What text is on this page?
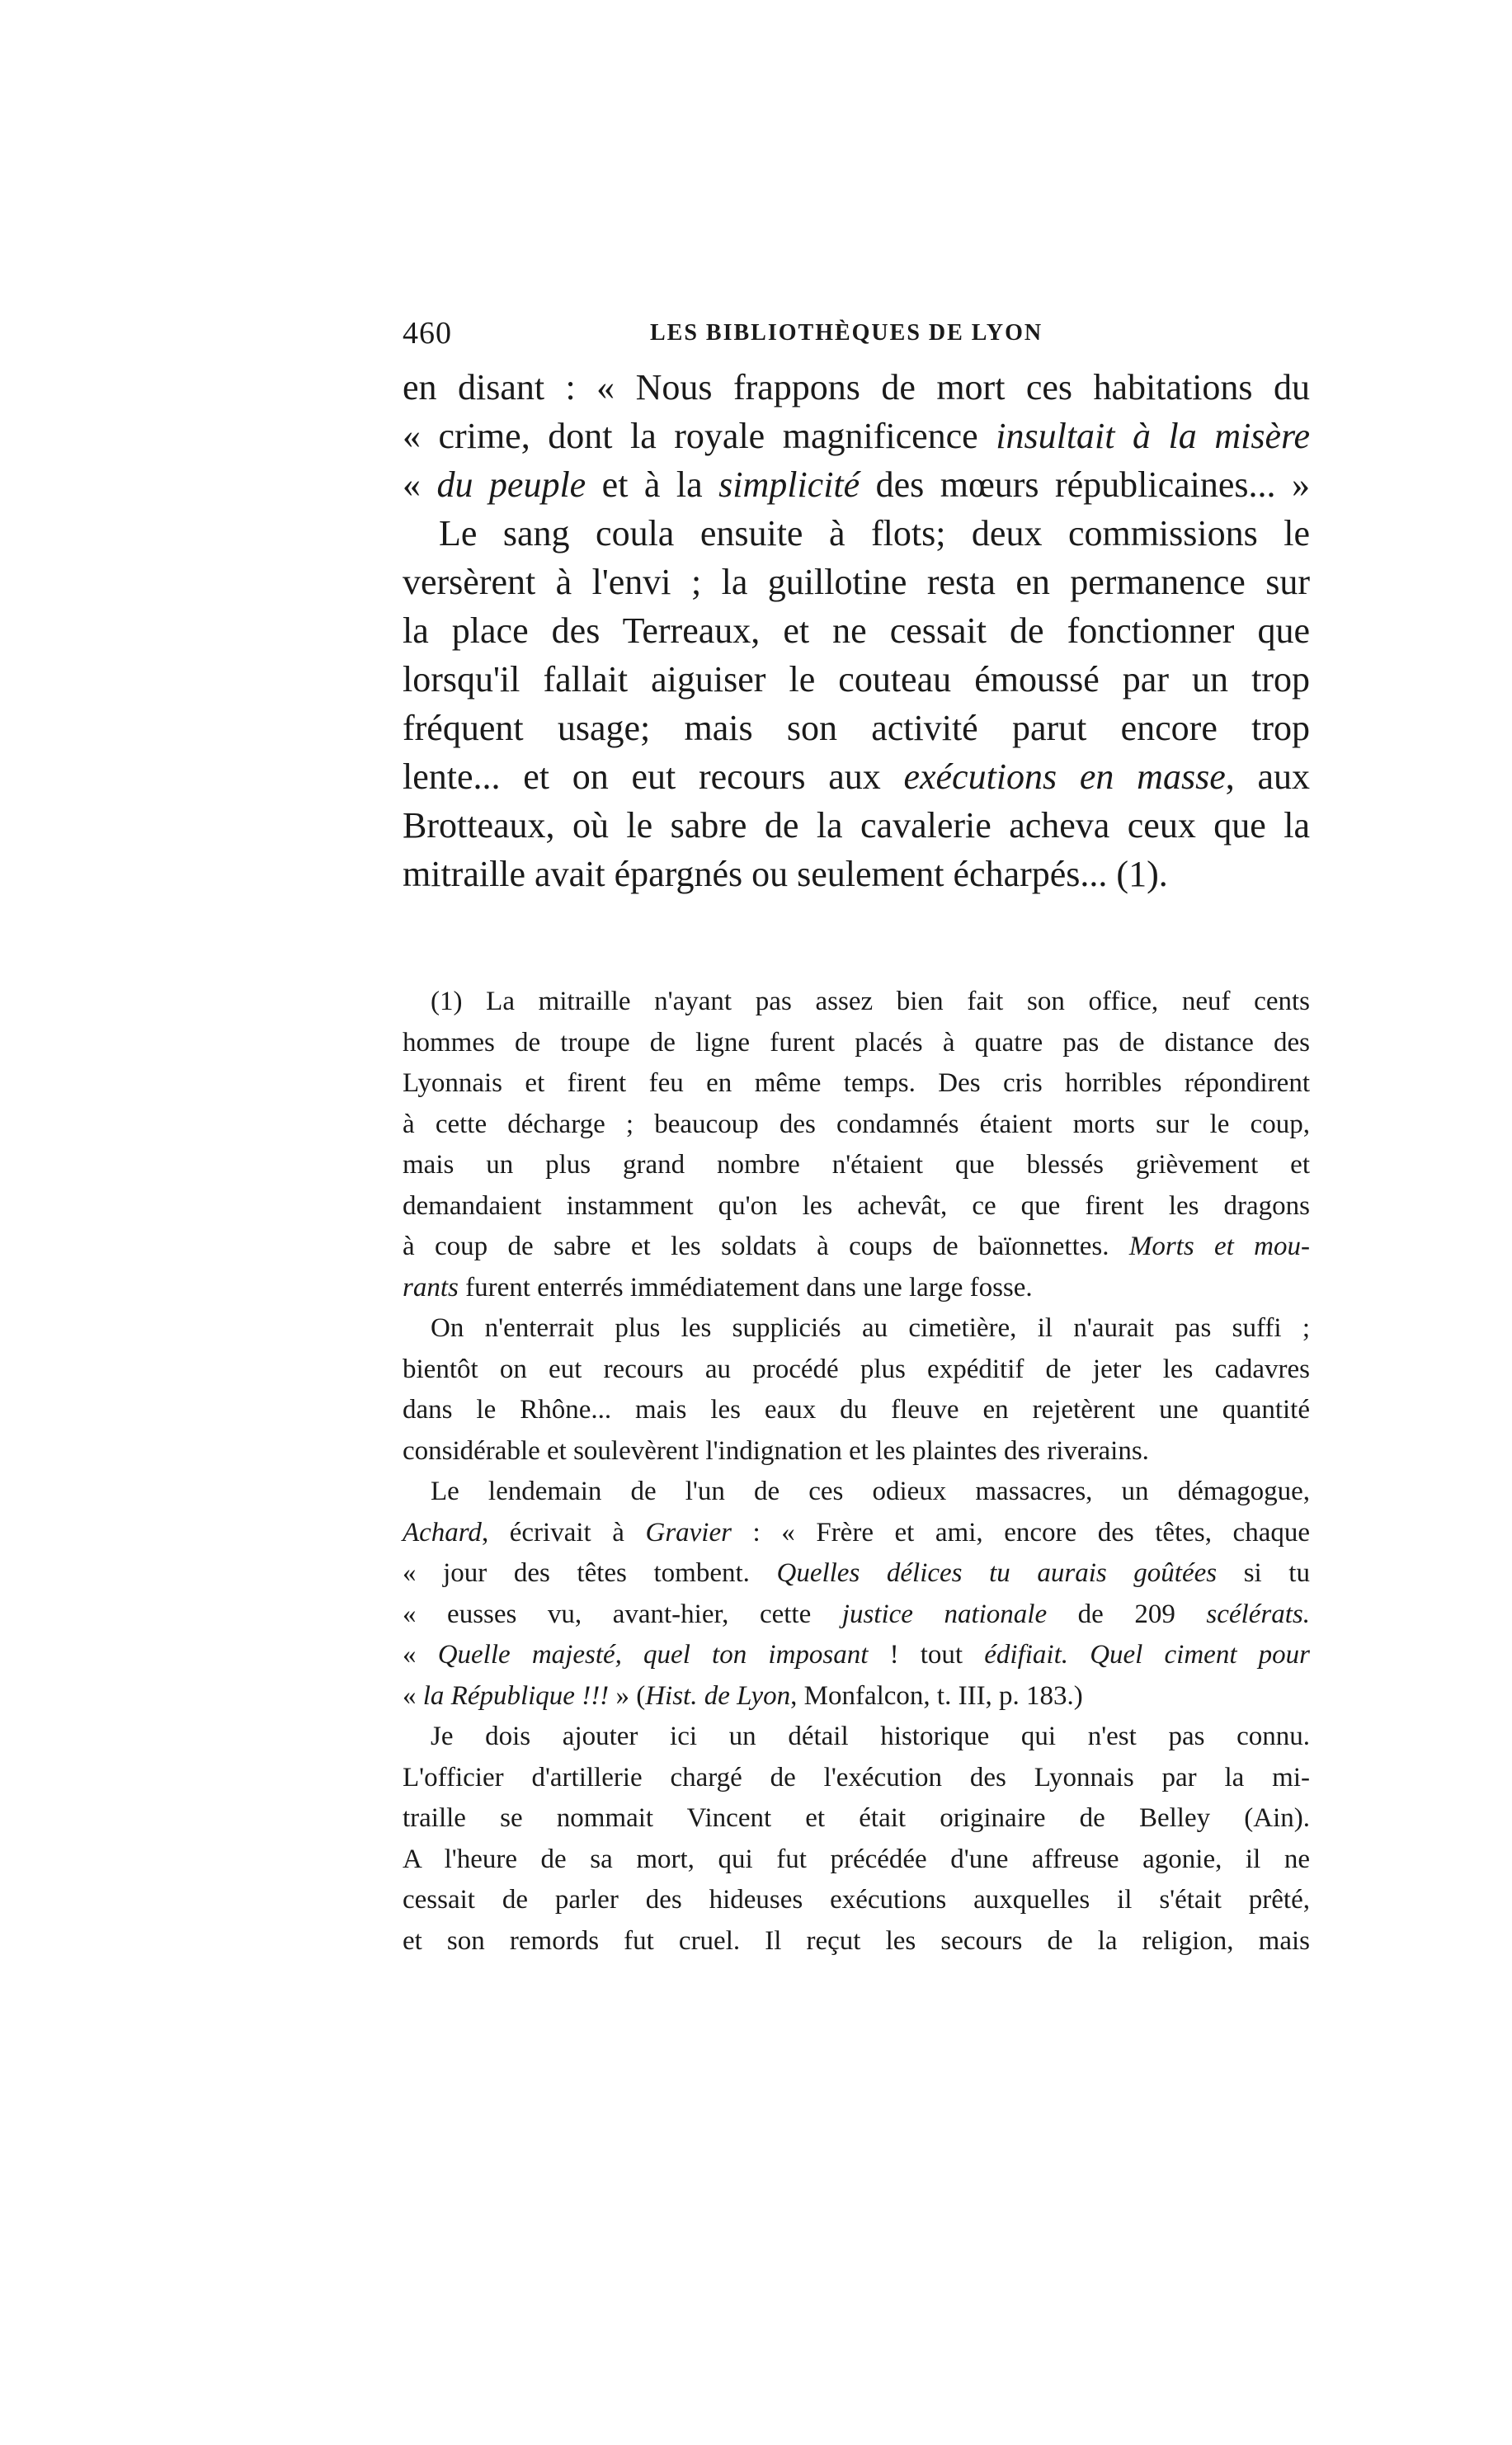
460	LES BIBLIOTHÈQUES DE LYON
en disant : « Nous frappons de mort ces habitations du
« crime, dont la royale magnificence insultait à la misère
« du peuple et à la simplicité des mœurs républicaines... »
Le sang coula ensuite à flots; deux commissions le
versèrent à l'envi ; la guillotine resta en permanence sur
la place des Terreaux, et ne cessait de fonctionner que
lorsqu'il fallait aiguiser le couteau émoussé par un trop
fréquent usage; mais son activité parut encore trop
lente... et on eut recours aux exécutions en masse, aux
Brotteaux, où le sabre de la cavalerie acheva ceux que la
mitraille avait épargnés ou seulement écharpés... (1).
(1) La mitraille n'ayant pas assez bien fait son office, neuf cents
hommes de troupe de ligne furent placés à quatre pas de distance des
Lyonnais et firent feu en même temps. Des cris horribles répondirent
à cette décharge ; beaucoup des condamnés étaient morts sur le coup,
mais un plus grand nombre n'étaient que blessés grièvement et
demandaient instamment qu'on les achevât, ce que firent les dragons
à coup de sabre et les soldats à coups de baïonnettes. Morts et mou-
rants furent enterrés immédiatement dans une large fosse.
On n'enterrait plus les suppliciés au cimetière, il n'aurait pas suffi ;
bientôt on eut recours au procédé plus expéditif de jeter les cadavres
dans le Rhône... mais les eaux du fleuve en rejetèrent une quantité
considérable et soulevèrent l'indignation et les plaintes des riverains.
Le lendemain de l'un de ces odieux massacres, un démagogue,
Achard, écrivait à Gravier : « Frère et ami, encore des têtes, chaque
« jour des têtes tombent. Quelles délices tu aurais goûtées si tu
« eusses vu, avant-hier, cette justice nationale de 209 scélérats.
« Quelle majesté, quel ton imposant ! tout édifiait. Quel ciment pour
« la République !!! » (Hist. de Lyon, Monfalcon, t. III, p. 183.)
Je dois ajouter ici un détail historique qui n'est pas connu.
L'officier d'artillerie chargé de l'exécution des Lyonnais par la mi-
traille se nommait Vincent et était originaire de Belley (Ain).
A l'heure de sa mort, qui fut précédée d'une affreuse agonie, il ne
cessait de parler des hideuses exécutions auxquelles il s'était prêté,
et son remords fut cruel. Il reçut les secours de la religion, mais
